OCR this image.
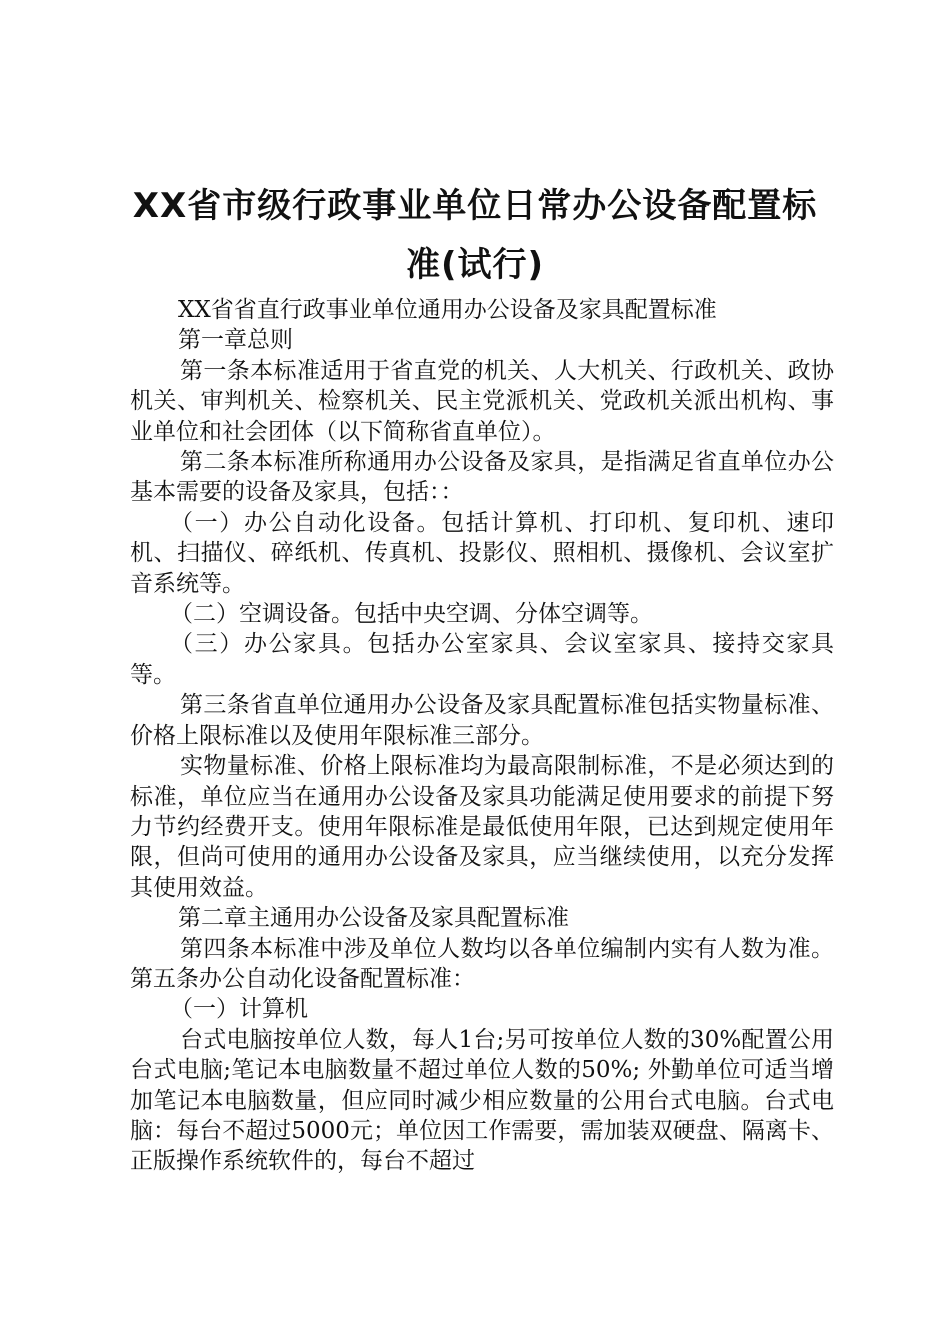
XX省市级行政事业单位日常办公设备配置标
准(试行)

XX省省直行政事业单位通用办公设备及家具配置标准

第一章总则

第一条本标准适用于省直党的机关、人大机关、行政机关、政协机关、审判机关、检察机关、民主党派机关、党政机关派出机构、事业单位和社会团体（以下简称省直单位）。

第二条本标准所称通用办公设备及家具，是指满足省直单位办公基本需要的设备及家具，包括：：

（一）办公自动化设备。包括计算机、打印机、复印机、速印机、扫描仪、碎纸机、传真机、投影仪、照相机、摄像机、会议室扩音系统等。

（二）空调设备。包括中央空调、分体空调等。

（三）办公家具。包括办公室家具、会议室家具、接持交家具等。

第三条省直单位通用办公设备及家具配置标准包括实物量标准、价格上限标准以及使用年限标准三部分。

实物量标准、价格上限标准均为最高限制标准，不是必须达到的标准，单位应当在通用办公设备及家具功能满足使用要求的前提下努力节约经费开支。使用年限标准是最低使用年限，已达到规定使用年限，但尚可使用的通用办公设备及家具，应当继续使用，以充分发挥其使用效益。

第二章主通用办公设备及家具配置标准

第四条本标准中涉及单位人数均以各单位编制内实有人数为准。第五条办公自动化设备配置标准：

（一）计算机

台式电脑按单位人数，每人1台;另可按单位人数的30%配置公用台式电脑;笔记本电脑数量不超过单位人数的50%; 外勤单位可适当增加笔记本电脑数量，但应同时减少相应数量的公用台式电脑。台式电脑：每台不超过5000元；单位因工作需要，需加装双硬盘、隔离卡、正版操作系统软件的，每台不超过
